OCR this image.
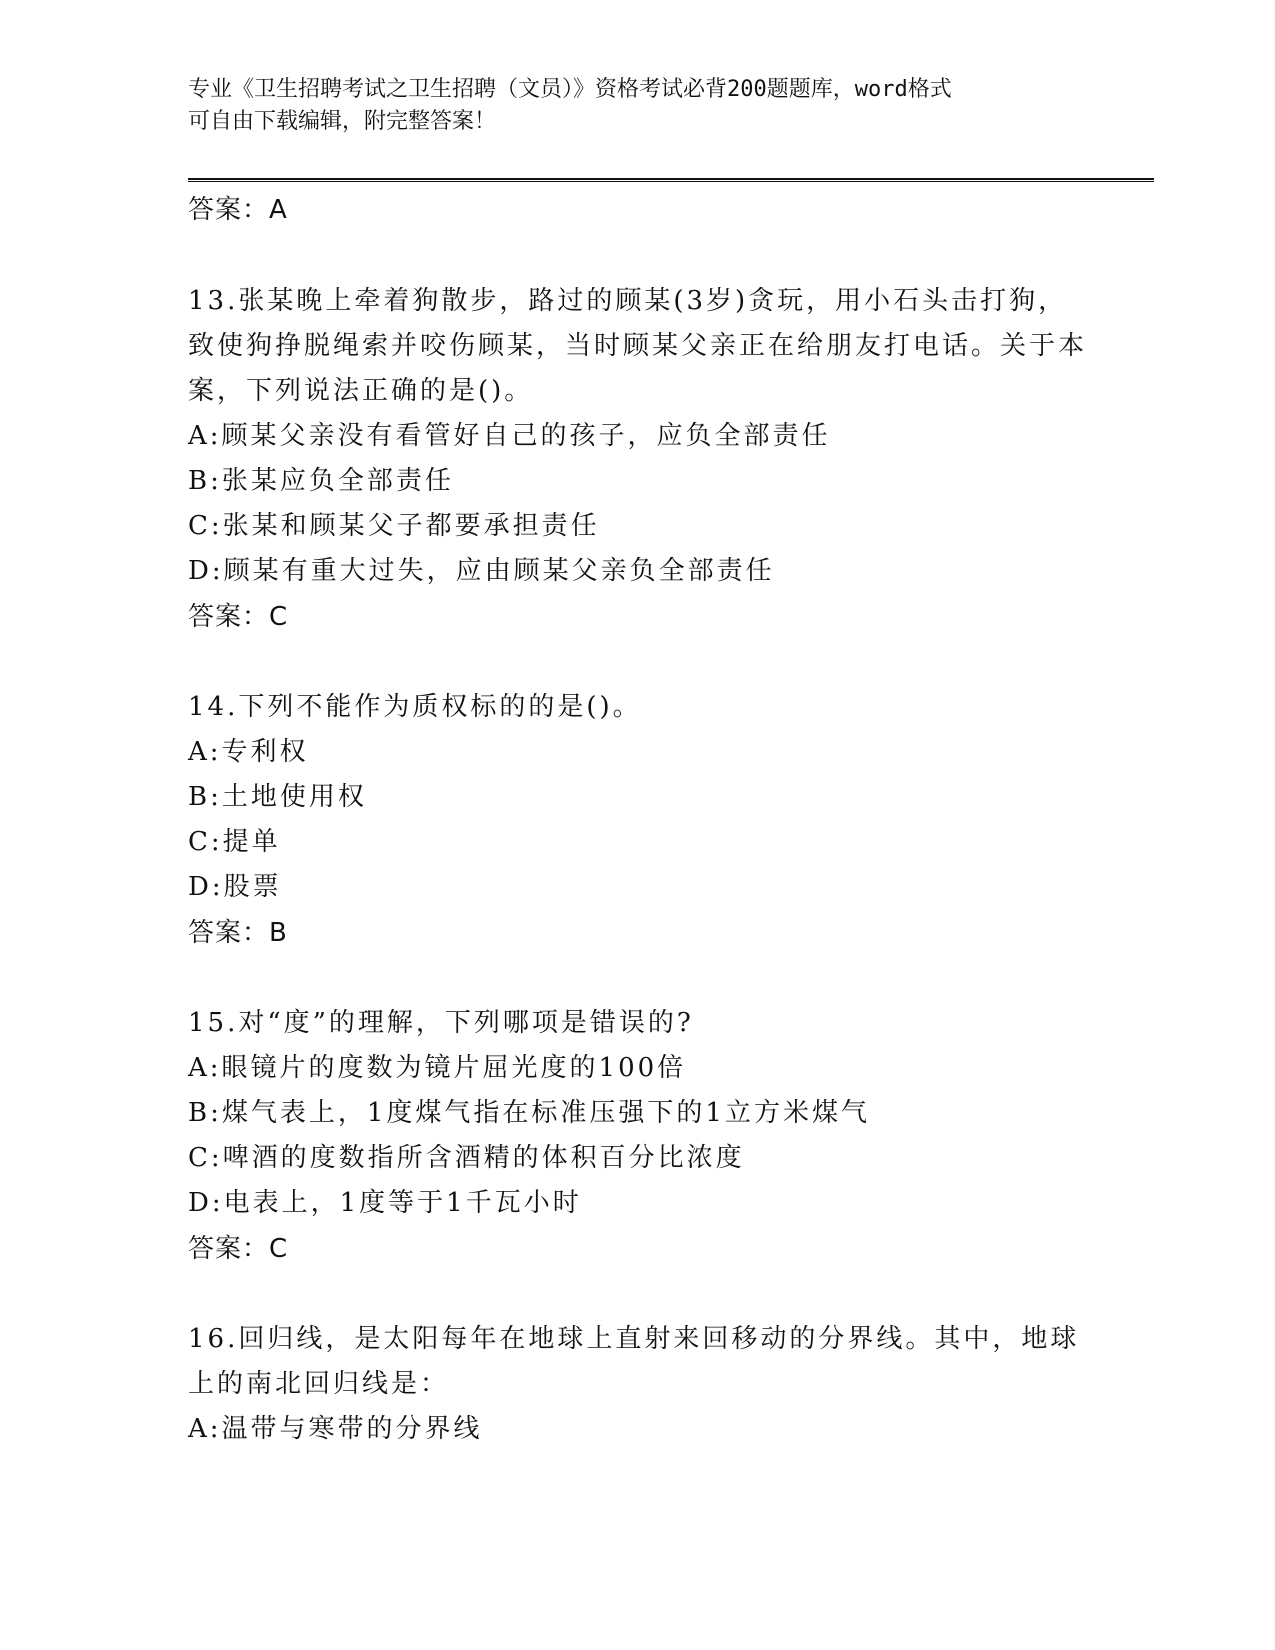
专业《卫生招聘考试之卫生招聘（文员）》资格考试必背200题题库，word格式
可自由下载编辑，附完整答案！
答案：A

13.张某晚上牵着狗散步，路过的顾某(3岁)贪玩，用小石头击打狗，致使狗挣脱绳索并咬伤顾某，当时顾某父亲正在给朋友打电话。关于本案，下列说法正确的是()。

A:顾某父亲没有看管好自己的孩子，应负全部责任

B:张某应负全部责任

C:张某和顾某父子都要承担责任

D:顾某有重大过失，应由顾某父亲负全部责任

答案：C

14.下列不能作为质权标的的是()。

A:专利权

B:土地使用权

C:提单

D:股票

答案：B

15.对“度”的理解，下列哪项是错误的?

A:眼镜片的度数为镜片屈光度的100倍

B:煤气表上，1度煤气指在标准压强下的1立方米煤气

C:啤酒的度数指所含酒精的体积百分比浓度

D:电表上，1度等于1千瓦小时

答案：C

16.回归线，是太阳每年在地球上直射来回移动的分界线。其中，地球上的南北回归线是：

A:温带与寒带的分界线
